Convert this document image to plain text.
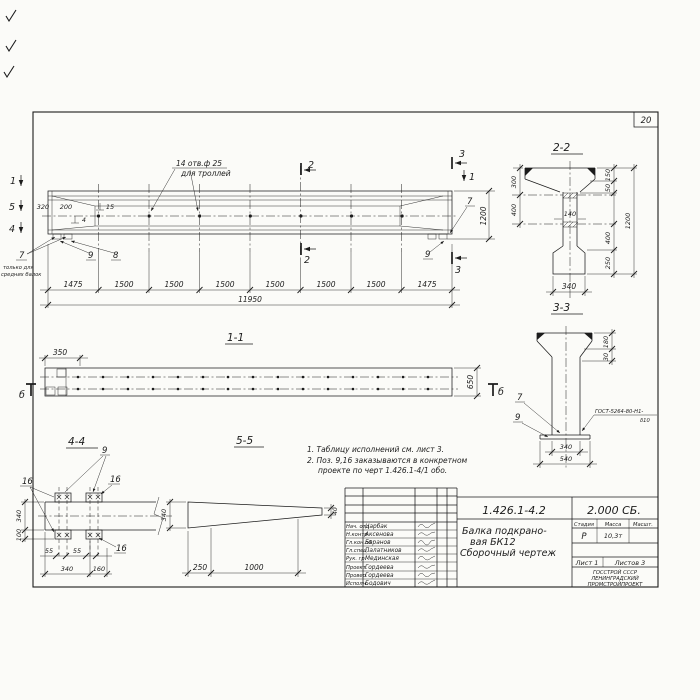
20
14 отв.ф 25
для троллей
1
5
4
2
2
3
3
1
320 200	15
4
7
только для
средних балок
9 8
7
9
1200
1475	1500	1500	1500	1500	1500	1500	1475
11950
1-1
350
650
б	б
4-4
9
16	16
16
340
100
55	55
340	160
5-5
340
250	1000
40
2-2
300
400	140
150
50
400
250
1200
340
3-3
180
30
7
9
ГОСТ-5264-80-Н1-
δ10
340
540
1. Таблицу исполнений см. лист 3.
2. Поз. 9,16 заказываются в конкретном
проекте по черт 1.426.1-4/1 обо.
1.426.1-4.2	2.000 СБ.
Балка подкрано-
вая БК12
Сборочный чертеж
Стадия Масса Масшт.
Р	10,3т
Лист 1	Листов 3
ГОССТРОЙ СССР
ЛЕНИНГРАДСКИЙ
ПРОМСТРОЙПРОЕКТ
Нач. отд
Царбак
Н.контр.
Аксенова
Гл.кон.об
Баранов
Гл.спец.
Палатников
Рук. гр.
Мединская
Проект.
Гордеева
Провер.
Гордеева
Исполн.
Бодович
